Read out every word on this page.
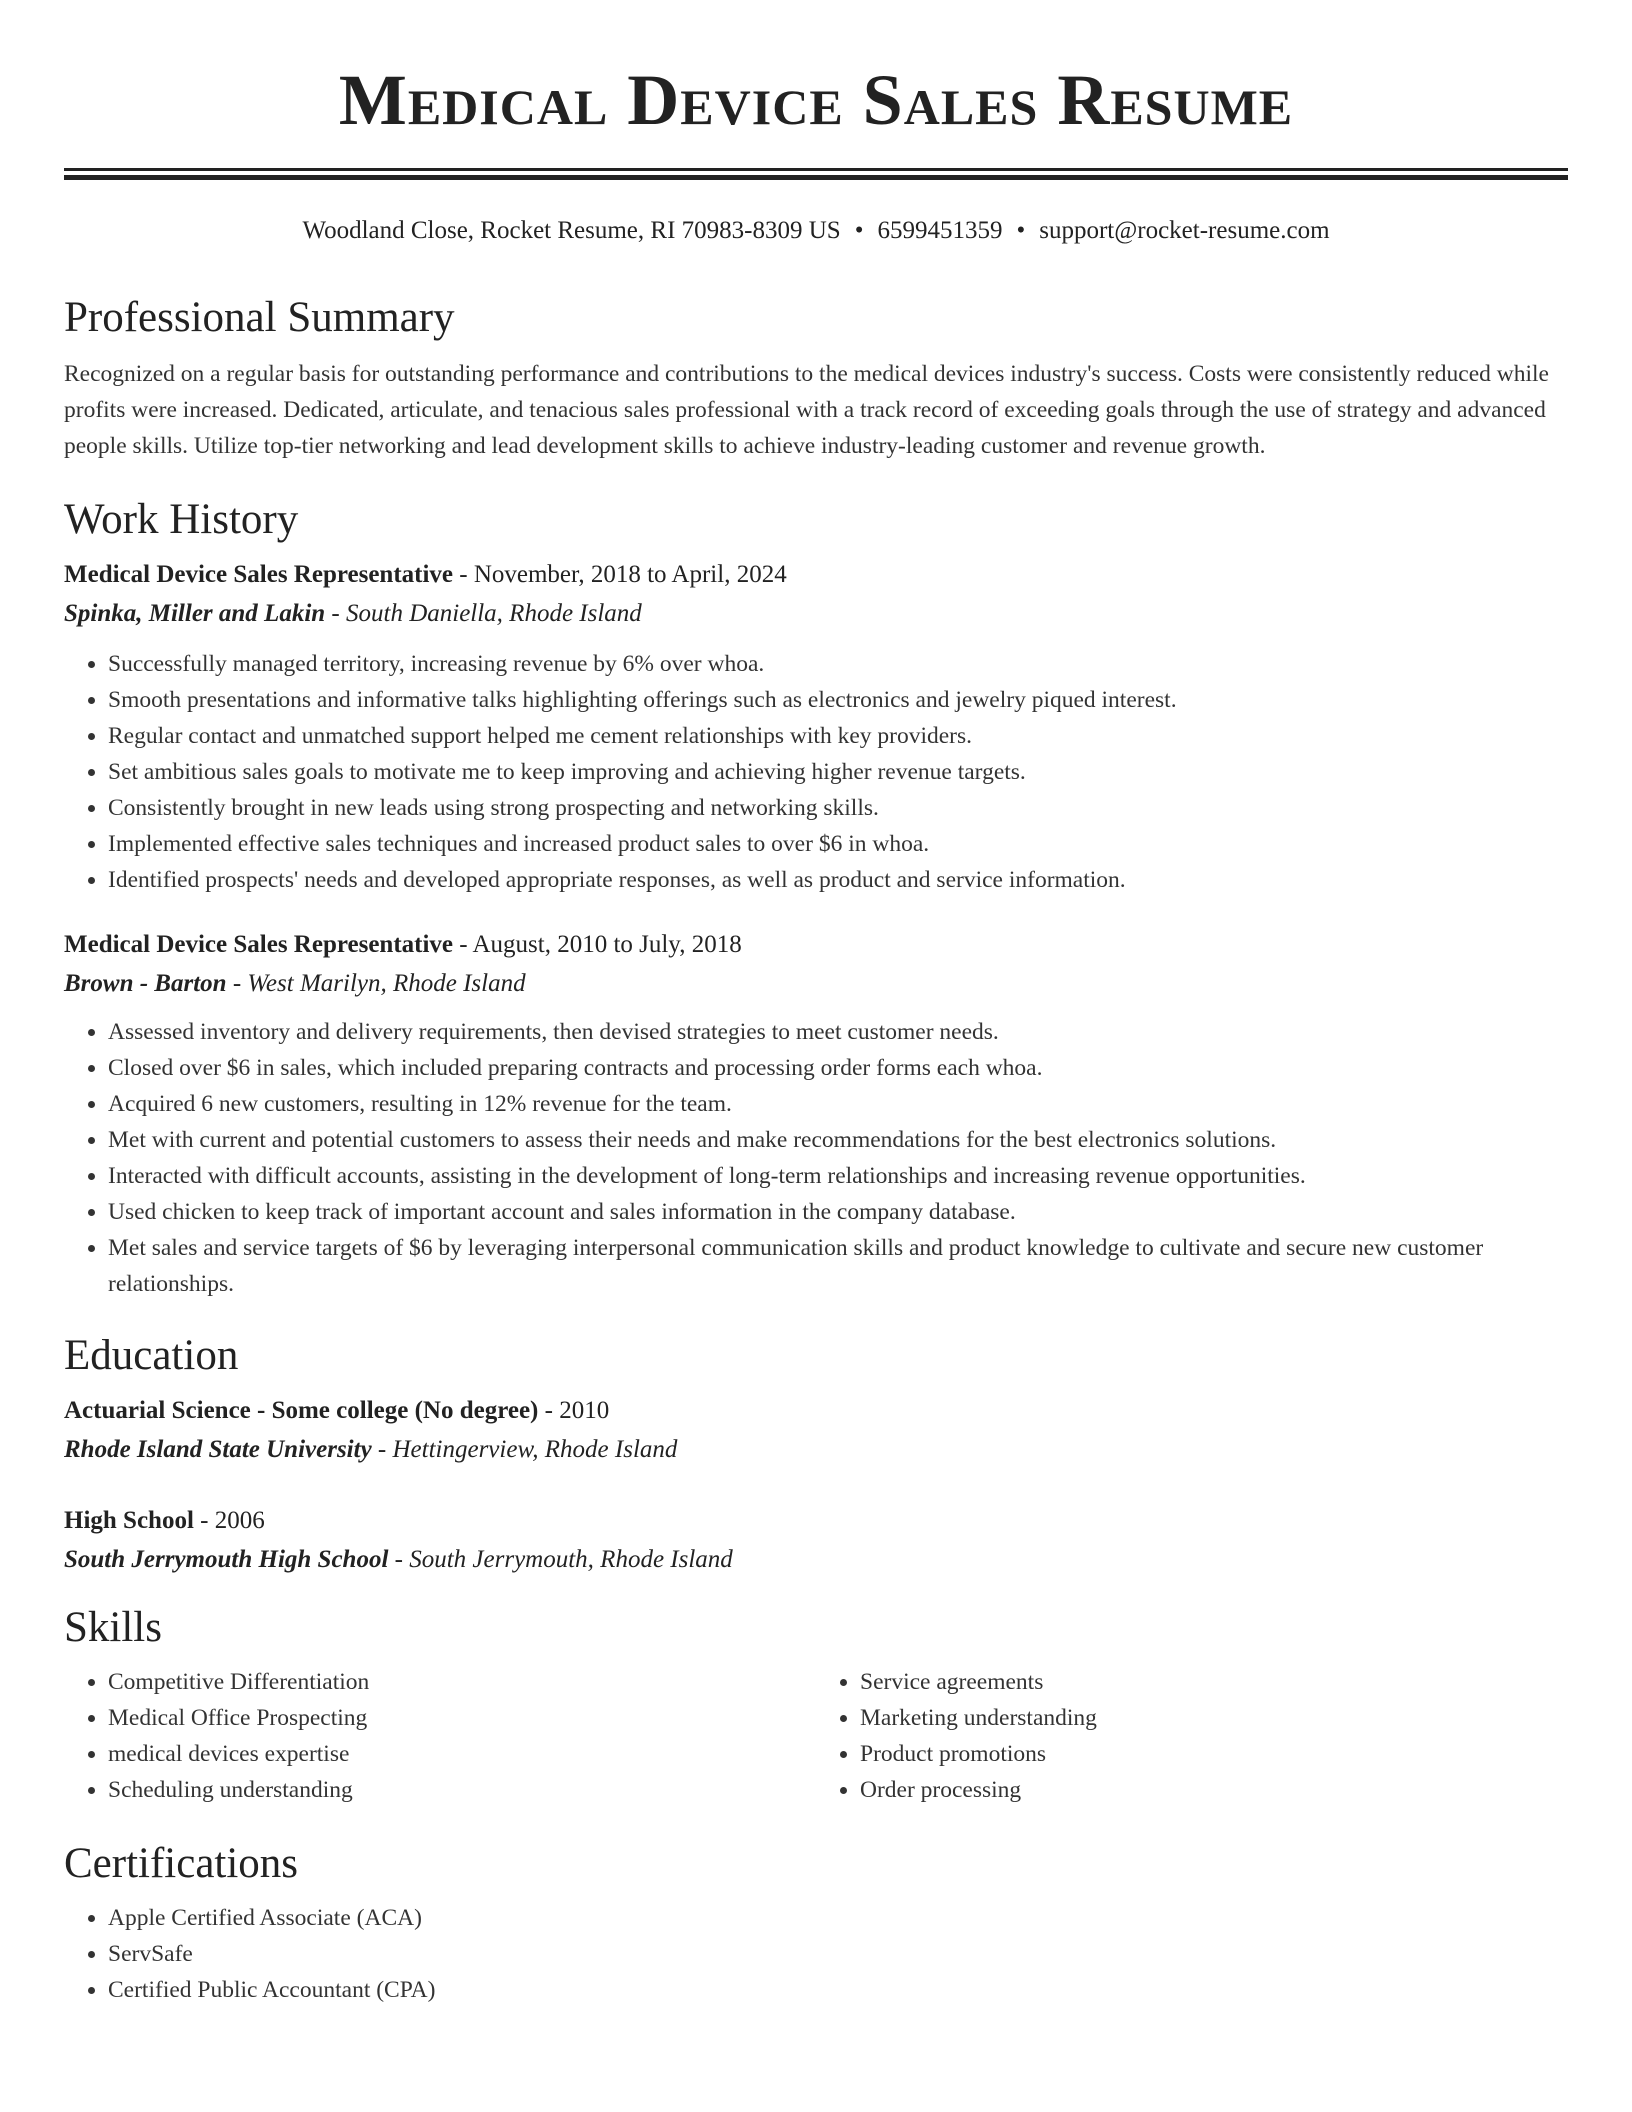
Medical Device Sales Resume
Woodland Close, Rocket Resume, RI 70983-8309 US • 6599451359 • support@rocket-resume.com
Professional Summary

Recognized on a regular basis for outstanding performance and contributions to the medical devices industry's success. Costs were consistently reduced while profits were increased. Dedicated, articulate, and tenacious sales professional with a track record of exceeding goals through the use of strategy and advanced people skills. Utilize top-tier networking and lead development skills to achieve industry-leading customer and revenue growth.

Work History
Medical Device Sales Representative - November, 2018 to April, 2024
Spinka, Miller and Lakin - South Daniella, Rhode Island
• Successfully managed territory, increasing revenue by 6% over whoa.
• Smooth presentations and informative talks highlighting offerings such as electronics and jewelry piqued interest.
• Regular contact and unmatched support helped me cement relationships with key providers.
• Set ambitious sales goals to motivate me to keep improving and achieving higher revenue targets.
• Consistently brought in new leads using strong prospecting and networking skills.
• Implemented effective sales techniques and increased product sales to over $6 in whoa.
• Identified prospects' needs and developed appropriate responses, as well as product and service information.
Medical Device Sales Representative - August, 2010 to July, 2018
Brown - Barton - West Marilyn, Rhode Island
• Assessed inventory and delivery requirements, then devised strategies to meet customer needs.
• Closed over $6 in sales, which included preparing contracts and processing order forms each whoa.
• Acquired 6 new customers, resulting in 12% revenue for the team.
• Met with current and potential customers to assess their needs and make recommendations for the best electronics solutions.
• Interacted with difficult accounts, assisting in the development of long-term relationships and increasing revenue opportunities.
• Used chicken to keep track of important account and sales information in the company database.
• Met sales and service targets of $6 by leveraging interpersonal communication skills and product knowledge to cultivate and secure new customer relationships.
Education
Actuarial Science - Some college (No degree) - 2010
Rhode Island State University - Hettingerview, Rhode Island
High School - 2006
South Jerrymouth High School - South Jerrymouth, Rhode Island
Skills
• Competitive Differentiation
• Medical Office Prospecting
• medical devices expertise
• Scheduling understanding
• Service agreements
• Marketing understanding
• Product promotions
• Order processing
Certifications
• Apple Certified Associate (ACA)
• ServSafe
• Certified Public Accountant (CPA)
